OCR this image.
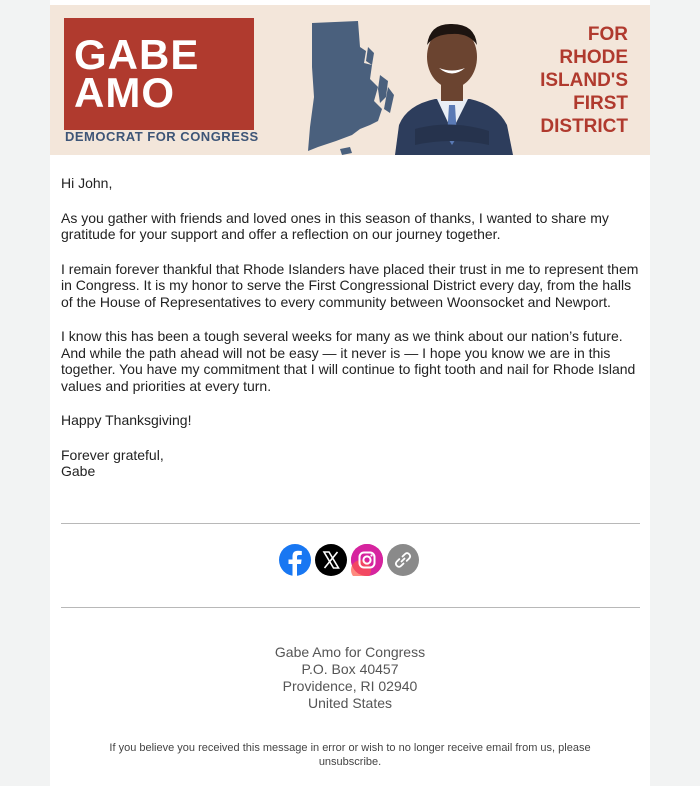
GABE
AMO
DEMOCRAT FOR CONGRESS
FOR
RHODE
ISLAND'S
FIRST
DISTRICT

Hi John,

As you gather with friends and loved ones in this season of thanks, I wanted to share my gratitude for your support and offer a reflection on our journey together.

I remain forever thankful that Rhode Islanders have placed their trust in me to represent them in Congress. It is my honor to serve the First Congressional District every day, from the halls of the House of Representatives to every community between Woonsocket and Newport.

I know this has been a tough several weeks for many as we think about our nation’s future. And while the path ahead will not be easy — it never is — I hope you know we are in this together. You have my commitment that I will continue to fight tooth and nail for Rhode Island values and priorities at every turn.

Happy Thanksgiving!

Forever grateful,
Gabe

Gabe Amo for Congress
P.O. Box 40457
Providence, RI 02940
United States
If you believe you received this message in error or wish to no longer receive email from us, please unsubscribe.
